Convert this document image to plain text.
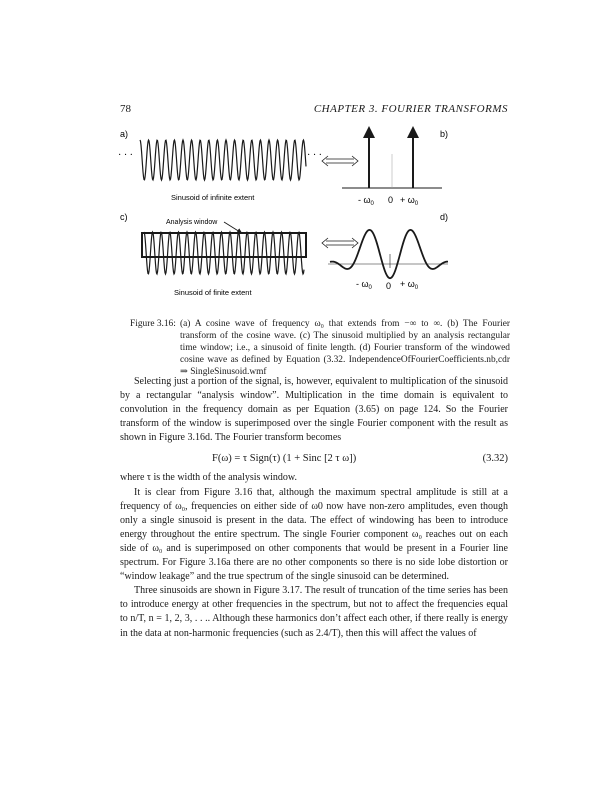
78	CHAPTER 3. FOURIER TRANSFORMS
a)	b)
c)	d)
· · ·	· · ·
Sinusoid of infinite extent	- $\omega_0$ $0 + \omega_0$
Analysis window
Sinusoid of finite extent
- $\omega_0$ $0 + \omega_0$
Figure 3.16: (a) A cosine wave of frequency ω₀ that extends from −∞ to ∞. (b) The Fourier transform of the cosine wave. (c) The sinusoid multiplied by an analysis rectangular time window; i.e., a sinusoid of finite length. (d) Fourier transform of the windowed cosine wave as defined by Equation (3.32. IndependenceOfFourierCoefficients.nb,cdr ⇒ SingleSinusoid.wmf

Selecting just a portion of the signal, is, however, equivalent to multiplication of the sinusoid by a rectangular “analysis window”. Multiplication in the time domain is equivalent to convolution in the frequency domain as per Equation (3.65) on page 124. So the Fourier transform of the window is superimposed over the single Fourier component with the result as shown in Figure 3.16d. The Fourier transform becomes

F(ω) = τ Sign(τ) (1 + Sinc [2 τ ω])	(3.32)

where τ is the width of the analysis window.

It is clear from Figure 3.16 that, although the maximum spectral amplitude is still at a frequency of ω₀, frequencies on either side of ω0 now have non-zero amplitudes, even though only a single sinusoid is present in the data. The effect of windowing has been to introduce energy throughout the entire spectrum. The single Fourier component ω₀ reaches out on each side of ω₀ and is superimposed on other components that would be present in a Fourier line spectrum. For Figure 3.16a there are no other components so there is no side lobe distortion or “window leakage” and the true spectrum of the single sinusoid can be determined.

Three sinusoids are shown in Figure 3.17. The result of truncation of the time series has been to introduce energy at other frequencies in the spectrum, but not to affect the frequencies equal to n/T, n = 1, 2, 3, . . .. Although these harmonics don’t affect each other, if there really is energy in the data at non-harmonic frequencies (such as 2.4/T), then this will affect the values of
